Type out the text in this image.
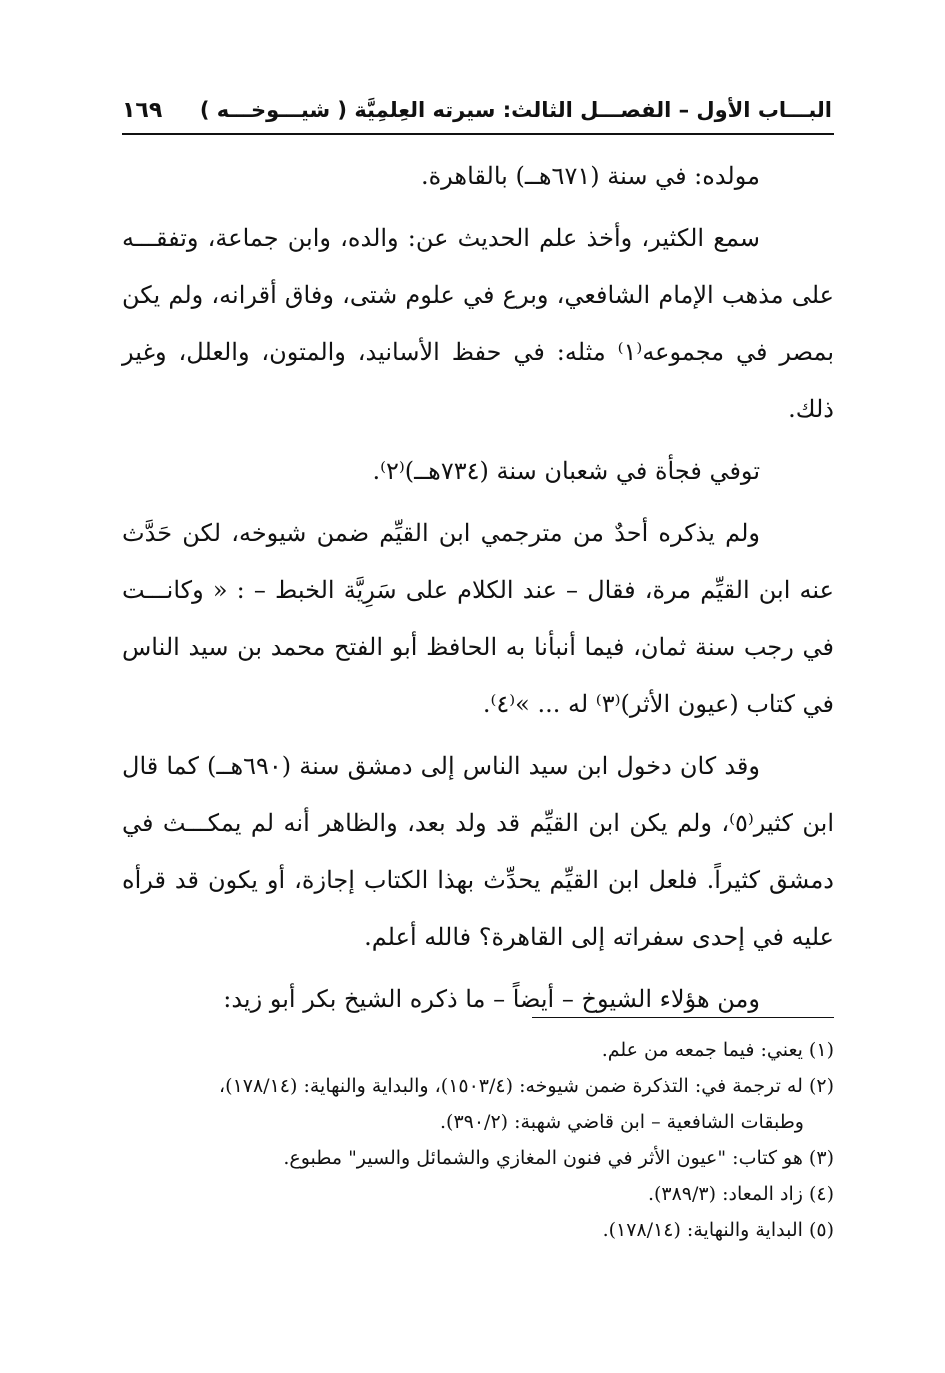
البـــاب الأول – الفصـــل الثالث: سيرته العِلمِيَّة ( شيـــوخـــه )
١٦٩

مولده: في سنة (٦٧١هــ) بالقاهرة.

سمع الكثير، وأخذ علم الحديث عن: والده، وابن جماعة، وتفقـــه على مذهب الإمام الشافعي، وبرع في علوم شتى، وفاق أقرانه، ولم يكن بمصر في مجموعه⁽١⁾ مثله: في حفظ الأسانيد، والمتون، والعلل، وغير ذلك.

توفي فجأة في شعبان سنة (٧٣٤هــ)⁽٢⁾.

ولم يذكره أحدٌ من مترجمي ابن القيِّم ضمن شيوخه، لكن حَدَّث عنه ابن القيِّم مرة، فقال – عند الكلام على سَرِيَّة الخبط – : « وكانـــت في رجب سنة ثمان، فيما أنبأنا به الحافظ أبو الفتح محمد بن سيد الناس في كتاب (عيون الأثر)⁽٣⁾ له ... »⁽٤⁾.

وقد كان دخول ابن سيد الناس إلى دمشق سنة (٦٩٠هــ) كما قال ابن كثير⁽٥⁾، ولم يكن ابن القيِّم قد ولد بعد، والظاهر أنه لم يمكـــث في دمشق كثيراً. فلعل ابن القيِّم يحدِّث بهذا الكتاب إجازة، أو يكون قد قرأه عليه في إحدى سفراته إلى القاهرة؟ فالله أعلم.

ومن هؤلاء الشيوخ – أيضاً – ما ذكره الشيخ بكر أبو زيد:

(١) يعني: فيما جمعه من علم.

(٢) له ترجمة في: التذكرة ضمن شيوخه: (١٥٠٣/٤)، والبداية والنهاية: (١٧٨/١٤)،

وطبقات الشافعية – ابن قاضي شهبة: (٣٩٠/٢).

(٣) هو كتاب: "عيون الأثر في فنون المغازي والشمائل والسير" مطبوع.

(٤) زاد المعاد: (٣٨٩/٣).

(٥) البداية والنهاية: (١٧٨/١٤).
